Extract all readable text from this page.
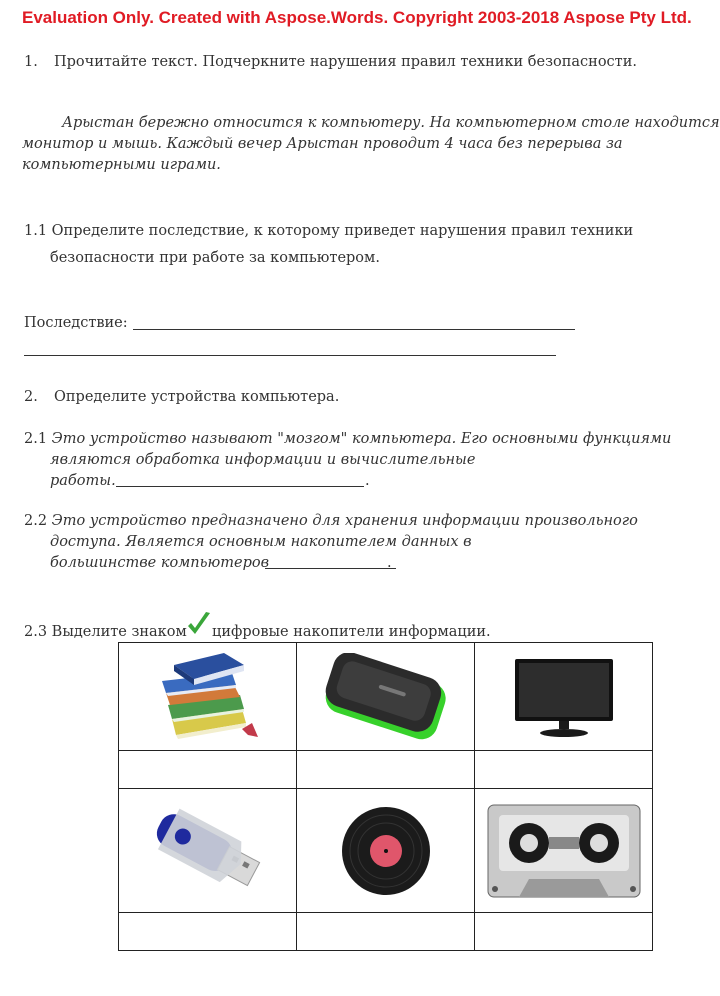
Evaluation Only. Created with Aspose.Words. Copyright 2003-2018 Aspose Pty Ltd.
1. Прочитайте текст. Подчеркните нарушения правил техники безопасности.
Арыстан бережно относится к компьютеру. На компьютерном столе находится
монитор и мышь. Каждый вечер Арыстан проводит 4 часа без перерыва за
компьютерными играми.
1.1 Определите последствие, к которому приведет нарушения правил техники
безопасности при работе за компьютером.
Последствие:
2. Определите устройства компьютера.
2.1 Это устройство называют "мозгом" компьютера. Его основными функциями
являются обработка информации и вычислительные
работы.	.
2.2 Это устройство предназначено для хранения информации произвольного
доступа. Является основным накопителем данных в
большинстве компьютеров	.
2.3 Выделите знаком цифровые накопители информации.
